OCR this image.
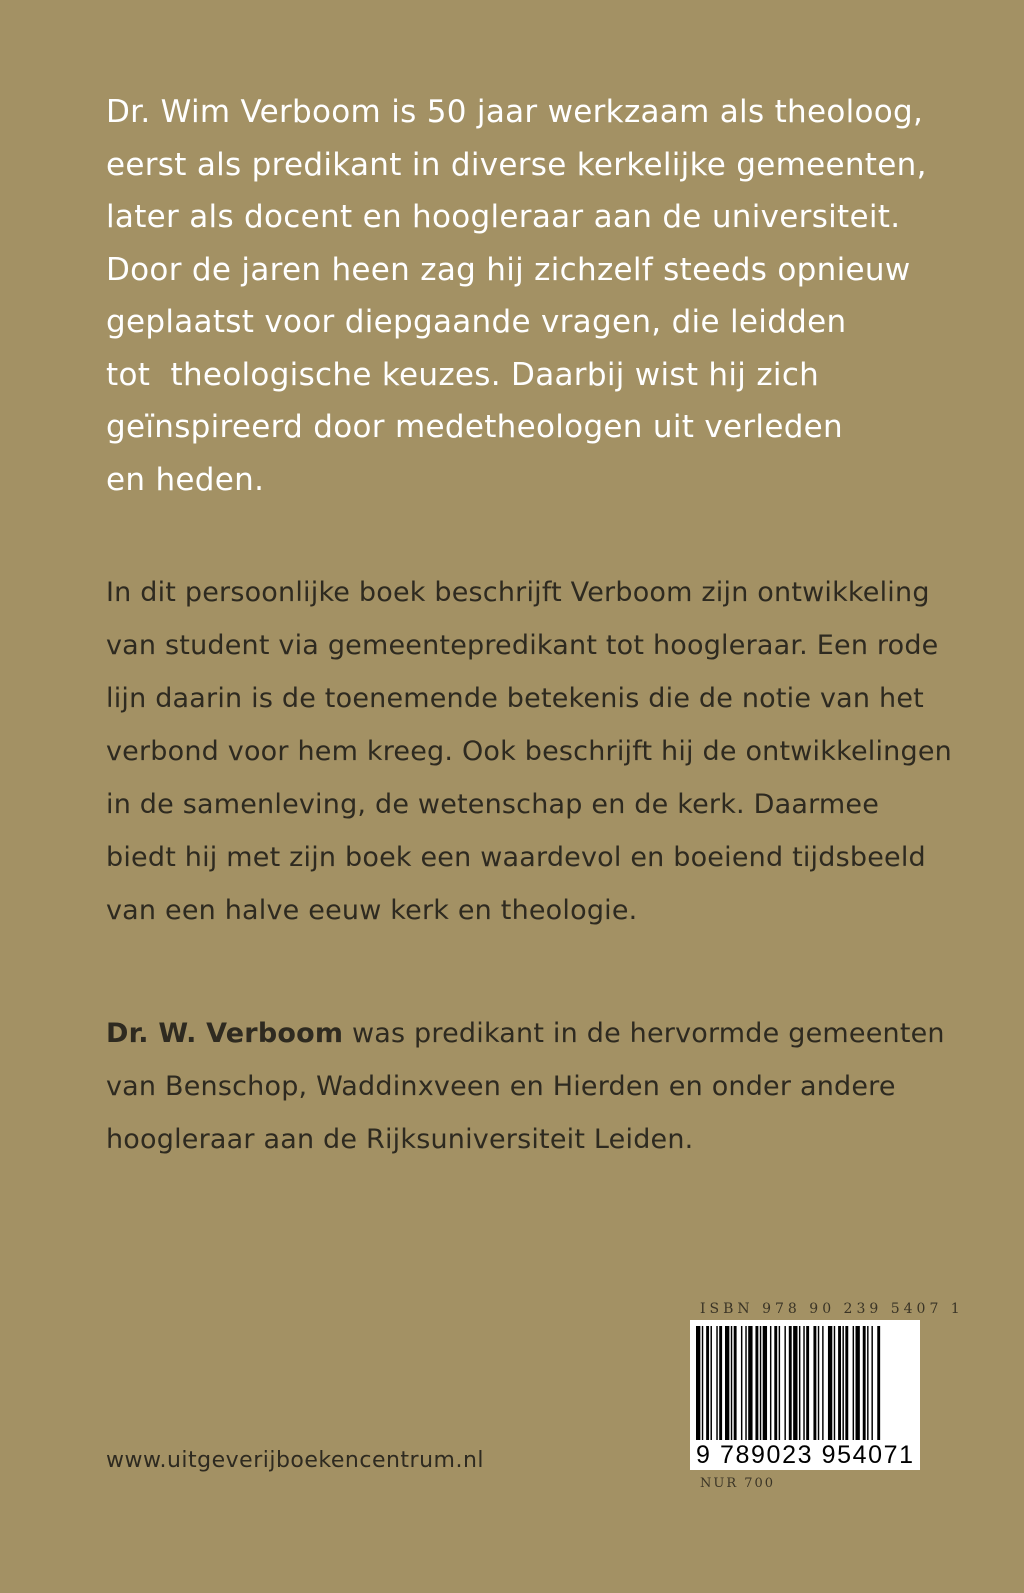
Dr. Wim Verboom is 50 jaar werkzaam als theoloog,
eerst als predikant in diverse kerkelijke gemeenten,
later als docent en hoogleraar aan de universiteit.
Door de jaren heen zag hij zichzelf steeds opnieuw
geplaatst voor diepgaande vragen, die leidden
tot  theologische keuzes. Daarbij wist hij zich
geïnspireerd door medetheologen uit verleden
en heden.
In dit persoonlijke boek beschrijft Verboom zijn ontwikkeling
van student via gemeentepredikant tot hoogleraar. Een rode
lijn daarin is de toenemende betekenis die de notie van het
verbond voor hem kreeg. Ook beschrijft hij de ontwikkelingen
in de samenleving, de wetenschap en de kerk. Daarmee
biedt hij met zijn boek een waardevol en boeiend tijdsbeeld
van een halve eeuw kerk en theologie.
Dr. W. Verboom was predikant in de hervormde gemeenten
van Benschop, Waddinxveen en Hierden en onder andere
hoogleraar aan de Rijksuniversiteit Leiden.
www.uitgeverijboekencentrum.nl
ISBN 978 90 239 5407 1
9 789023 954071
NUR 700
